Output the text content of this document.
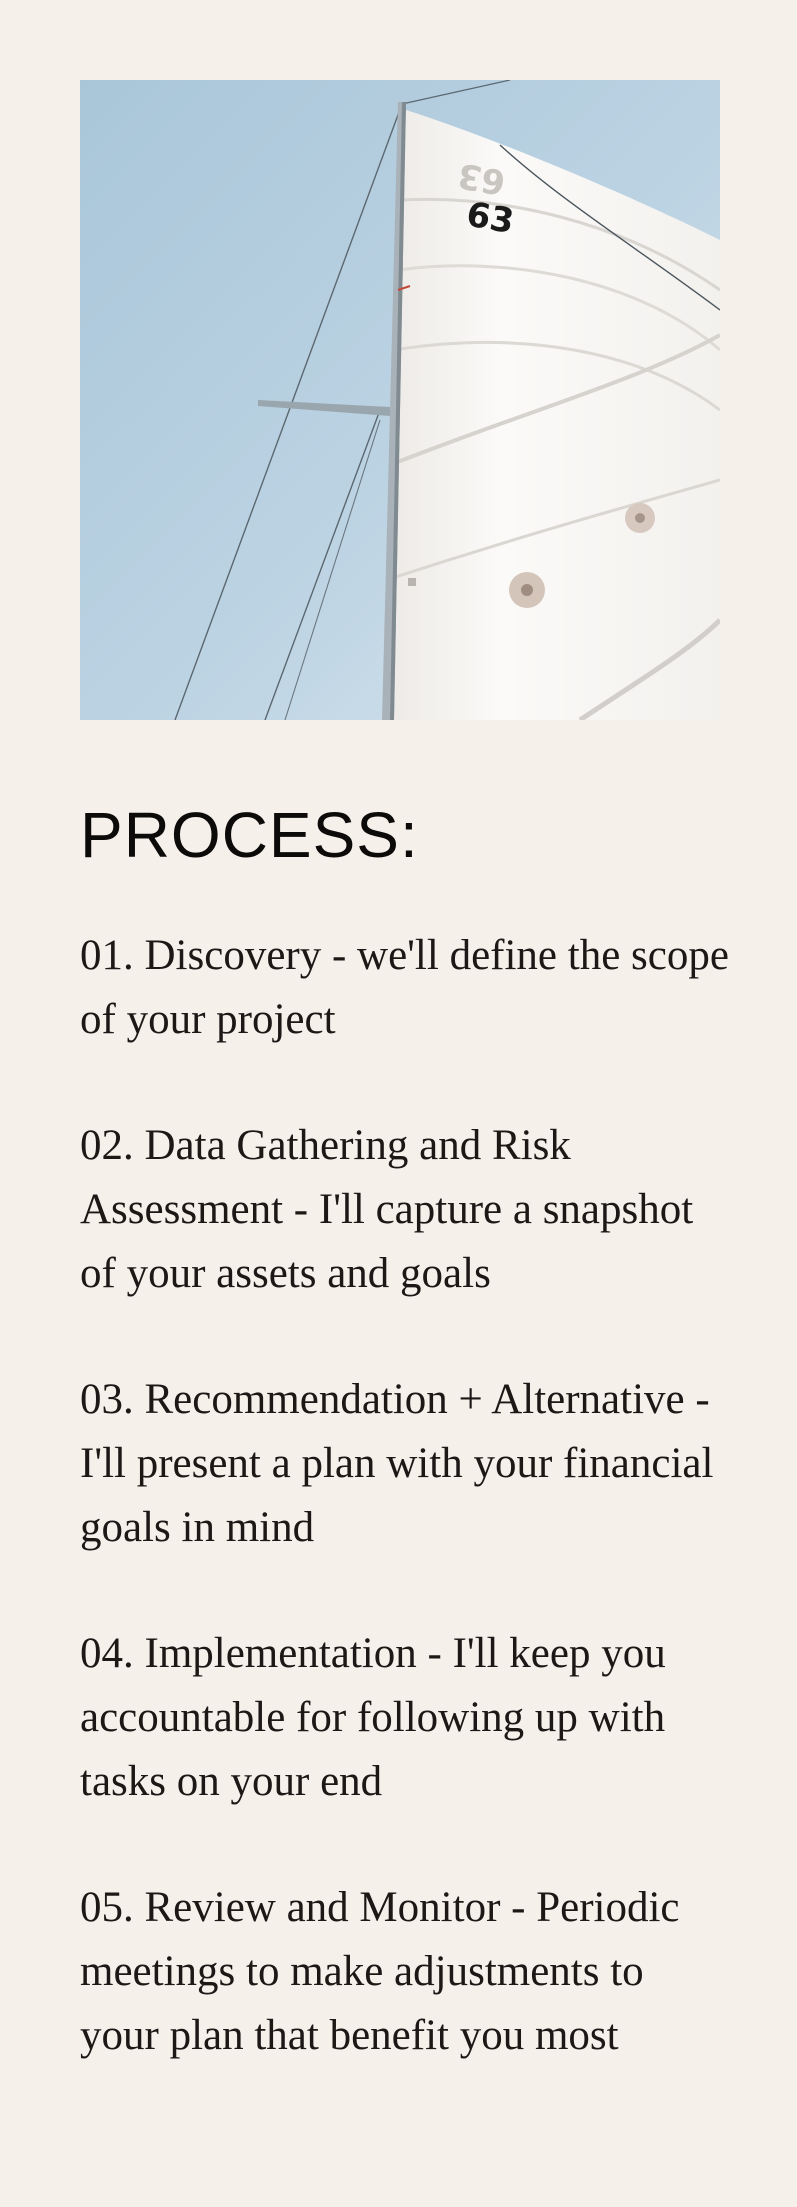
63
63
PROCESS:
01. Discovery - we'll define the scope of your project
02. Data Gathering and Risk Assessment - I'll capture a snapshot of your assets and goals
03. Recommendation + Alternative - I'll present a plan with your financial goals in mind
04. Implementation - I'll keep you accountable for following up with tasks on your end
05. Review and Monitor - Periodic meetings to make adjustments to your plan that benefit you most
